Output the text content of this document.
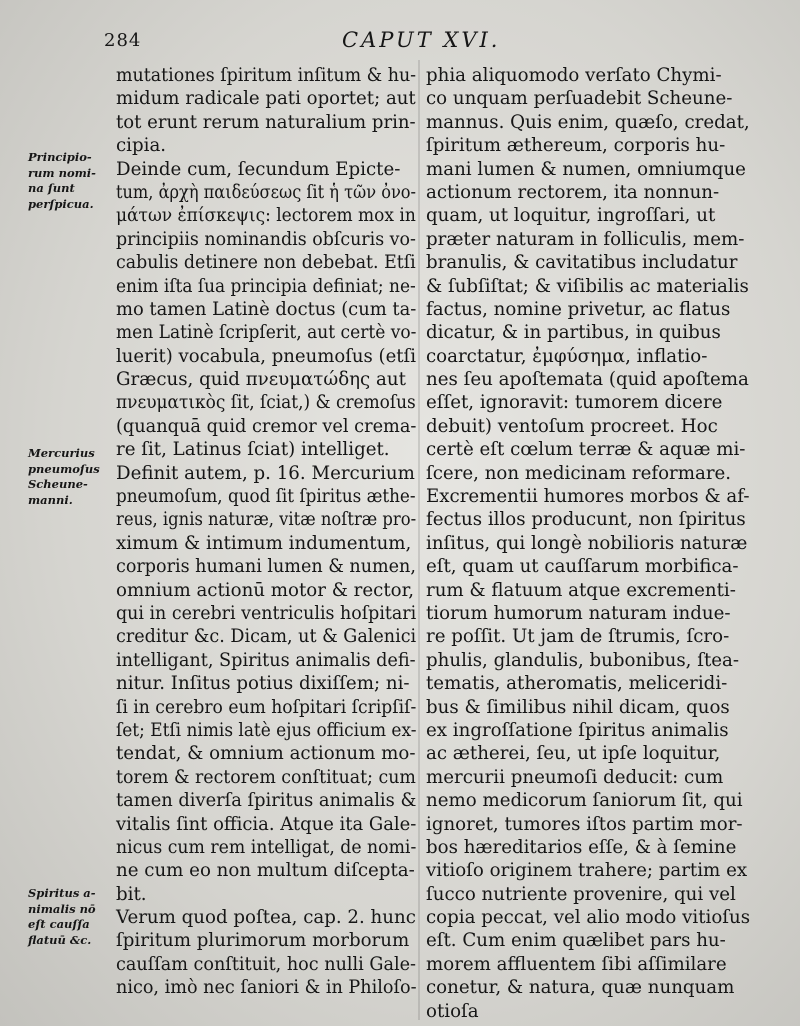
284	CAPUT XVI.
Principio-
rum nomi-
na ſunt
perſpicua.
Mercurius
pneumoſus
Scheune-
manni.
Spiritus a-
nimalis nō
eſt cauſſa
flatuū &c.
mutationes ſpiritum inſitum & hu-
midum radicale pati oportet; aut
tot erunt rerum naturalium prin-
cipia.
Deinde cum, ſecundum Epicte-
tum, ἀρχὴ παιδεύσεως ſit ἡ τῶν ὀνο-
μάτων ἐπίσκεψις: lectorem mox in
principiis nominandis obſcuris vo-
cabulis detinere non debebat. Etſi
enim iſta ſua principia definiat; ne-
mo tamen Latinè doctus (cum ta-
men Latinè ſcripſerit, aut certè vo-
luerit) vocabula, pneumoſus (etſi
Græcus, quid πνευματώδης aut
πνευματικὸς ſit, ſciat,) & cremoſus
(quanquā quid cremor vel crema-
re ſit, Latinus ſciat) intelliget.
Definit autem, p. 16. Mercurium
pneumoſum, quod ſit ſpiritus æthe-
reus, ignis naturæ, vitæ noſtræ pro-
ximum & intimum indumentum,
corporis humani lumen & numen,
omnium actionū motor & rector,
qui in cerebri ventriculis hoſpitari
creditur &c. Dicam, ut & Galenici
intelligant, Spiritus animalis defi-
nitur. Inſitus potius dixiſſem; ni-
ſi in cerebro eum hoſpitari ſcripſiſ-
ſet; Etſi nimis latè ejus officium ex-
tendat, & omnium actionum mo-
torem & rectorem conſtituat; cum
tamen diverſa ſpiritus animalis &
vitalis ſint officia. Atque ita Gale-
nicus cum rem intelligat, de nomi-
ne cum eo non multum diſcepta-
bit.
Verum quod poſtea, cap. 2. hunc
ſpiritum plurimorum morborum
cauſſam conſtituit, hoc nulli Gale-
nico, imò nec ſaniori & in Philoſo-
phia aliquomodo verſato Chymi-
co unquam perſuadebit Scheune-
mannus. Quis enim, quæſo, credat,
ſpiritum æthereum, corporis hu-
mani lumen & numen, omniumque
actionum rectorem, ita nonnun-
quam, ut loquitur, ingroſſari, ut
præter naturam in folliculis, mem-
branulis, & cavitatibus includatur
& ſubſiſtat; & viſibilis ac materialis
factus, nomine privetur, ac flatus
dicatur, & in partibus, in quibus
coarctatur, ἐμφύσημα, inflatio-
nes ſeu apoſtemata (quid apoſtema
eſſet, ignoravit: tumorem dicere
debuit) ventoſum procreet. Hoc
certè eſt cœlum terræ & aquæ mi-
ſcere, non medicinam reformare.
Excrementii humores morbos & af-
fectus illos producunt, non ſpiritus
inſitus, qui longè nobilioris naturæ
eſt, quam ut cauſſarum morbifica-
rum & flatuum atque excrementi-
tiorum humorum naturam indue-
re poſſit. Ut jam de ſtrumis, ſcro-
phulis, glandulis, bubonibus, ſtea-
tematis, atheromatis, meliceridi-
bus & ſimilibus nihil dicam, quos
ex ingroſſatione ſpiritus animalis
ac ætherei, ſeu, ut ipſe loquitur,
mercurii pneumoſi deducit: cum
nemo medicorum ſaniorum ſit, qui
ignoret, tumores iſtos partim mor-
bos hæreditarios eſſe, & à ſemine
vitioſo originem trahere; partim ex
ſucco nutriente provenire, qui vel
copia peccat, vel alio modo vitioſus
eſt. Cum enim quælibet pars hu-
morem affluentem ſibi aſſimilare
conetur, & natura, quæ nunquam
otioſa
